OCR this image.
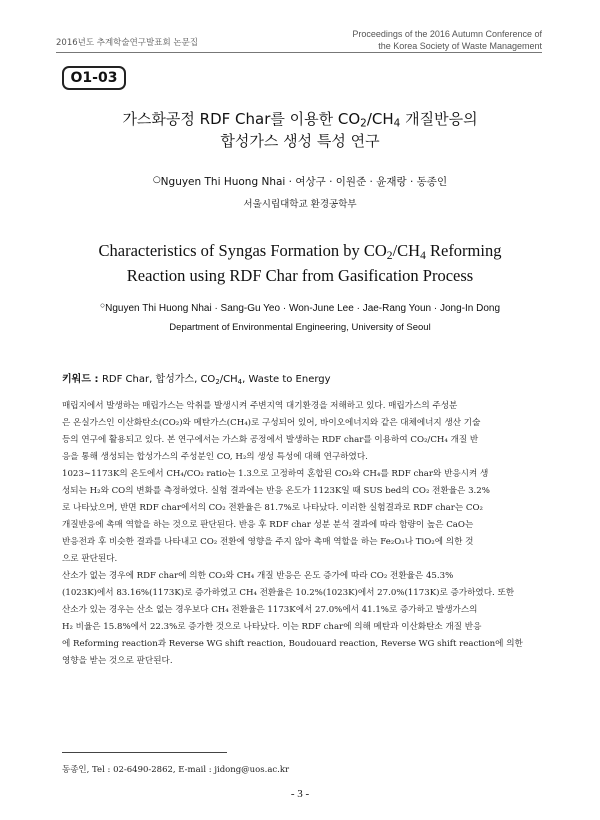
2016년도 추계학술연구발표회 논문집
Proceedings of the 2016 Autumn Conference of
the Korea Society of Waste Management
O1-03
가스화공정 RDF Char를 이용한 $CO_2/CH_4$ 개질반응의
합성가스 생성 특성 연구
○Nguyen Thi Huong Nhai · 여상구 · 이원준 · 윤재랑 · 동종인
서울시립대학교 환경공학부
Characteristics of Syngas Formation by $CO_2/CH_4$ Reforming
Reaction using RDF Char from Gasification Process
○Nguyen Thi Huong Nhai · Sang-Gu Yeo · Won-June Lee · Jae-Rang Youn · Jong-In Dong
Department of Environmental Engineering, University of Seoul
키워드 : RDF Char, 합성가스, $CO_2/CH_4$, Waste to Energy
매립지에서 발생하는 매립가스는 악취를 발생시켜 주변지역 대기환경을 저해하고 있다. 매립가스의 주성분
은 온실가스인 이산화탄소(CO₂)와 메탄가스(CH₄)로 구성되어 있어, 바이오에너지와 같은 대체에너지 생산 기술
등의 연구에 활용되고 있다. 본 연구에서는 가스화 공정에서 발생하는 RDF char를 이용하여 CO₂/CH₄ 개질 반
응을 통해 생성되는 합성가스의 주성분인 CO, H₂의 생성 특성에 대해 연구하였다.
1023∼1173K의 온도에서 CH₄/CO₂ ratio는 1.3으로 고정하여 혼합된 CO₂와 CH₄를 RDF char와 반응시켜 생
성되는 H₂와 CO의 변화를 측정하였다. 실험 결과에는 반응 온도가 1123K일 때 SUS bed의 CO₂ 전환율은 3.2%
로 나타났으며, 반면 RDF char에서의 CO₂ 전환율은 81.7%로 나타났다. 이러한 실험결과로 RDF char는 CO₂
개질반응에 촉매 역할을 하는 것으로 판단된다. 반응 후 RDF char 성분 분석 결과에 따라 함량이 높은 CaO는
반응전과 후 비슷한 결과를 나타내고 CO₂ 전환에 영향을 주지 않아 촉매 역할을 하는 Fe₂O₃나 TiO₂에 의한 것
으로 판단된다.
산소가 없는 경우에 RDF char에 의한 CO₂와 CH₄ 개질 반응은 온도 증가에 따라 CO₂ 전환율은 45.3%
(1023K)에서 83.16%(1173K)로 증가하였고 CH₄ 전환율은 10.2%(1023K)에서 27.0%(1173K)로 증가하였다. 또한
산소가 있는 경우는 산소 없는 경우보다 CH₄ 전환율은 1173K에서 27.0%에서 41.1%로 증가하고 발생가스의
H₂ 비율은 15.8%에서 22.3%로 증가한 것으로 나타났다. 이는 RDF char에 의해 메탄과 이산화탄소 개질 반응
에 Reforming reaction과 Reverse WG shift reaction, Boudouard reaction, Reverse WG shift reaction에 의한
영향을 받는 것으로 판단된다.
동종인, Tel : 02-6490-2862, E-mail : jidong@uos.ac.kr
- 3 -
